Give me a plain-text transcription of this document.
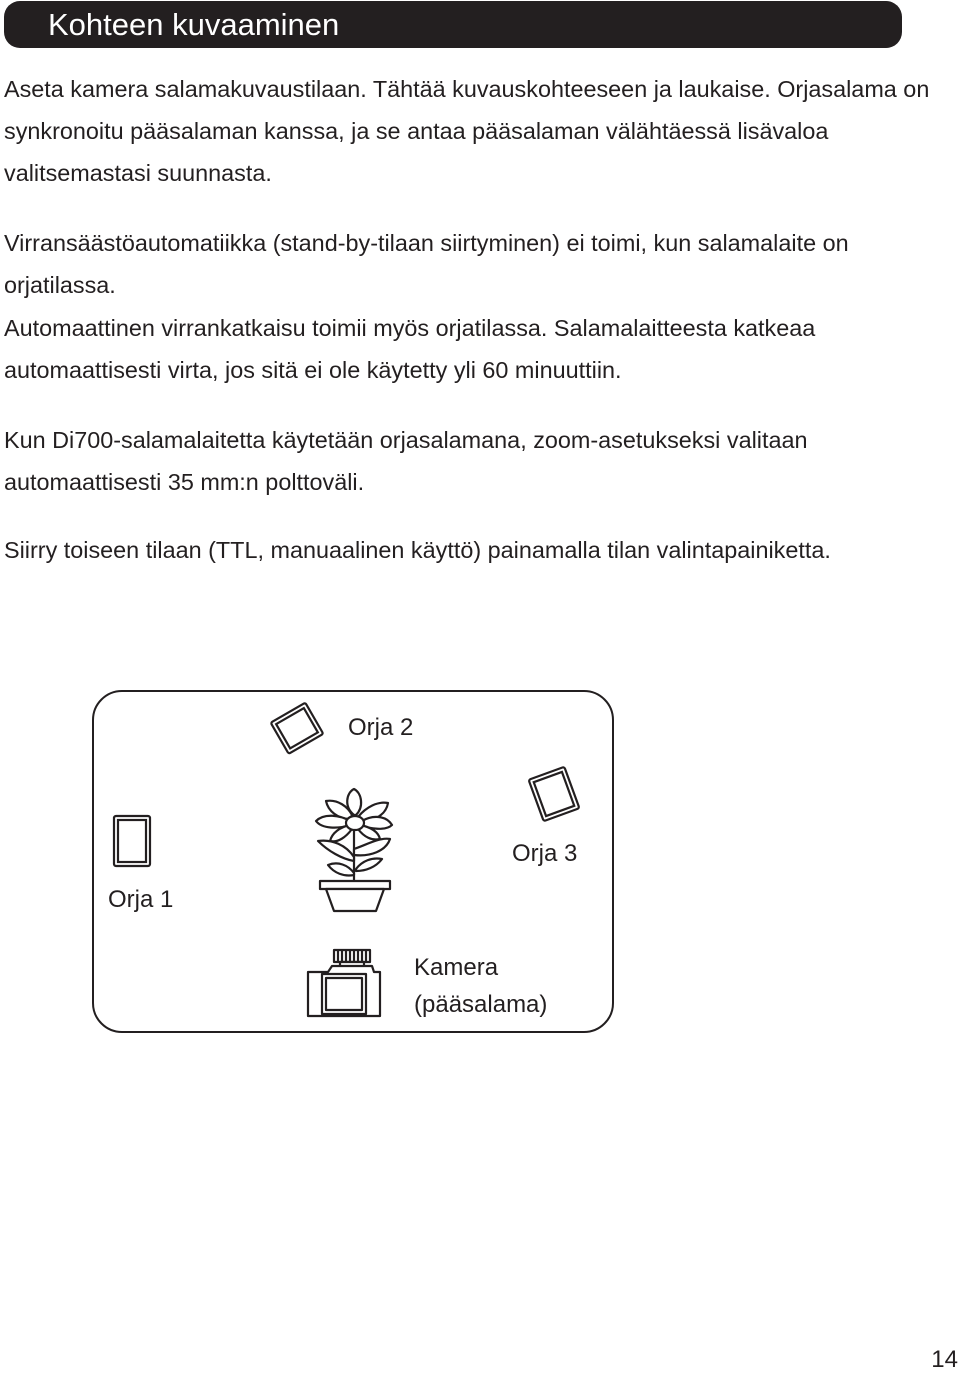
Kohteen kuvaaminen

Aseta kamera salamakuvaustilaan. Tähtää kuvauskohteeseen ja laukaise. Orjasalama on synkronoitu pääsalaman kanssa, ja se antaa pääsalaman välähtäessä lisävaloa valitsemastasi suunnasta.

Virransäästöautomatiikka (stand-by-tilaan siirtyminen) ei toimi, kun salamalaite on orjatilassa.

Automaattinen virrankatkaisu toimii myös orjatilassa. Salamalaitteesta katkeaa automaattisesti virta, jos sitä ei ole käytetty yli 60 minuuttiin.

Kun Di700-salamalaitetta käytetään orjasalamana, zoom-asetukseksi valitaan automaattisesti 35 mm:n polttoväli.

Siirry toiseen tilaan (TTL, manuaalinen käyttö) painamalla tilan valintapainiketta.

Orja 2
Orja 3
Orja 1
Kamera
(pääsalama)
14
